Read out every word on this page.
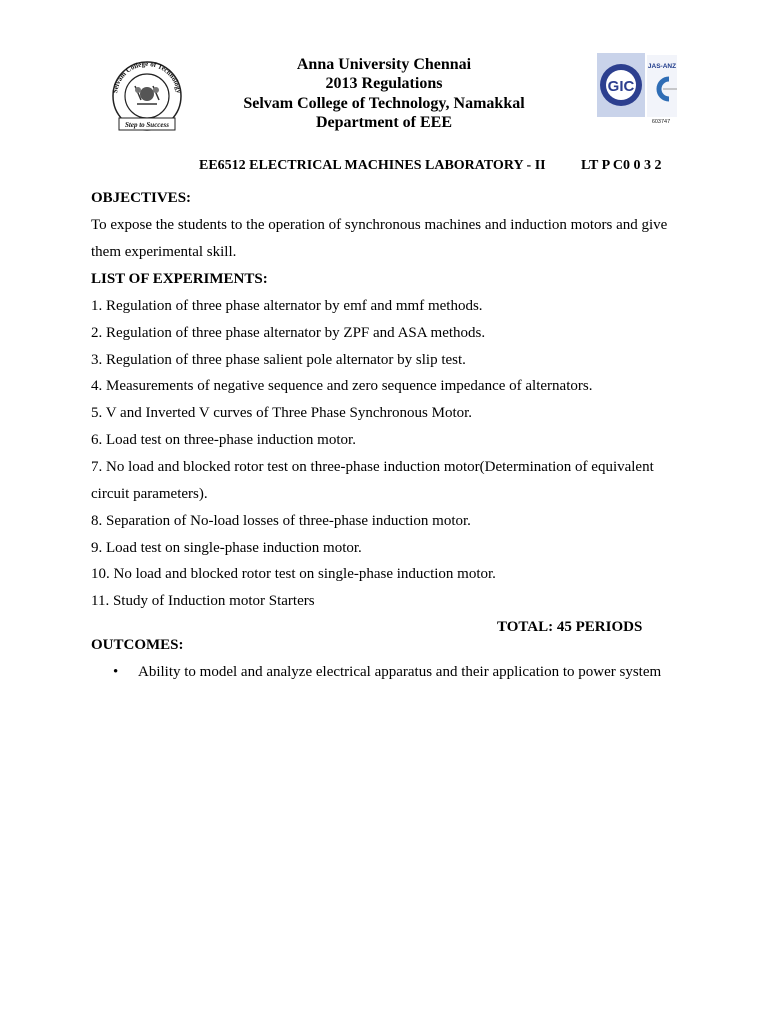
Selvam College of Technology
Step to Success
Anna University Chennai
2013 Regulations
Selvam College of Technology, Namakkal
Department of EEE
GIC
JAS-ANZ
603747
EE6512 ELECTRICAL MACHINES LABORATORY - II	LT P C0 0 3 2
OBJECTIVES:
To expose the students to the operation of synchronous machines and induction motors and give them experimental skill.
LIST OF EXPERIMENTS:
1. Regulation of three phase alternator by emf and mmf methods.
2. Regulation of three phase alternator by ZPF and ASA methods.
3. Regulation of three phase salient pole alternator by slip test.
4. Measurements of negative sequence and zero sequence impedance of alternators.
5. V and Inverted V curves of Three Phase Synchronous Motor.
6. Load test on three-phase induction motor.
7. No load and blocked rotor test on three-phase induction motor(Determination of equivalent
circuit parameters).
8. Separation of No-load losses of three-phase induction motor.
9. Load test on single-phase induction motor.
10. No load and blocked rotor test on single-phase induction motor.
11. Study of Induction motor Starters
TOTAL: 45 PERIODS
OUTCOMES:
• Ability to model and analyze electrical apparatus and their application to power system
